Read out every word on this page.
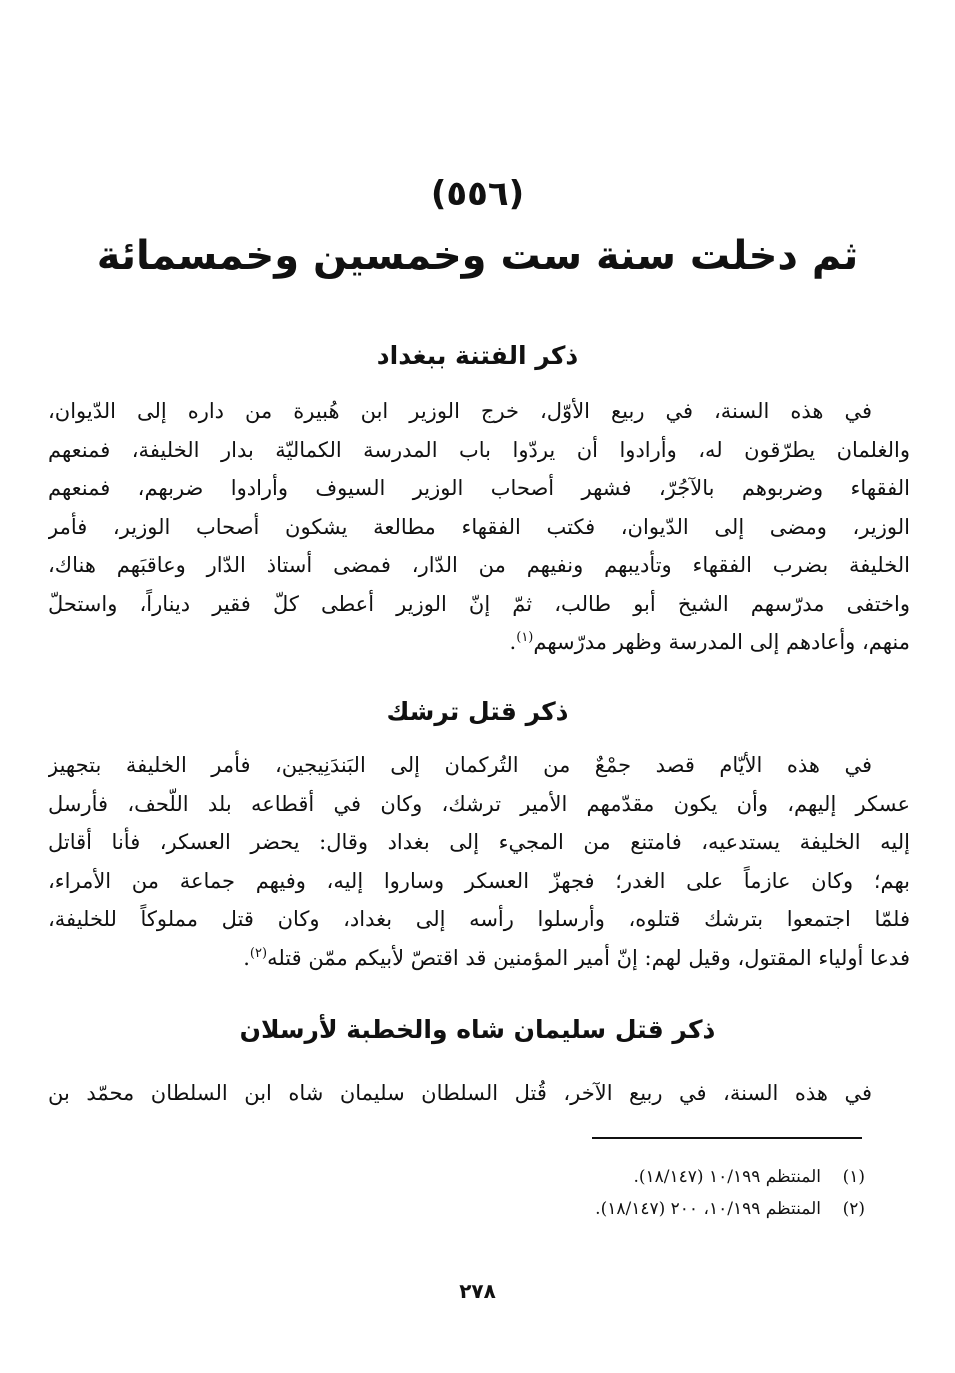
(٥٥٦)
ثم دخلت سنة ست وخمسين وخمسمائة
ذكر الفتنة ببغداد
في هذه السنة، في ربيع الأوّل، خرج الوزير ابن هُبيرة من داره إلى الدّيوان،
والغلمان يطرّقون له، وأرادوا أن يردّوا باب المدرسة الكماليّة بدار الخليفة، فمنعهم
الفقهاء وضربوهم بالآجُرّ، فشهر أصحاب الوزير السيوف وأرادوا ضربهم، فمنعهم
الوزير، ومضى إلى الدّيوان، فكتب الفقهاء مطالعة يشكون أصحاب الوزير، فأمر
الخليفة بضرب الفقهاء وتأديبهم ونفيهم من الدّار، فمضى أستاذ الدّار وعاقبَهم هناك،
واختفى مدرّسهم الشيخ أبو طالب، ثمّ إنّ الوزير أعطى كلّ فقير ديناراً، واستحلّ
منهم، وأعادهم إلى المدرسة وظهر مدرّسهم$^{(١)}$.
ذكر قتل ترشك
في هذه الأيّام قصد جمْعٌ من التُركمان إلى البَندَنِيجين، فأمر الخليفة بتجهيز
عسكر إليهم، وأن يكون مقدّمهم الأمير ترشك، وكان في أقطاعه بلد اللّحف، فأرسل
إليه الخليفة يستدعيه، فامتنع من المجيء إلى بغداد وقال: يحضر العسكر، فأنا أقاتل
بهم؛ وكان عازماً على الغدر؛ فجهزّ العسكر وساروا إليه، وفيهم جماعة من الأمراء،
فلمّا اجتمعوا بترشك قتلوه، وأرسلوا رأسه إلى بغداد، وكان قتل مملوكاً للخليفة،
فدعا أولياء المقتول، وقيل لهم: إنّ أمير المؤمنين قد اقتصّ لأبيكم ممّن قتله$^{(٢)}$.
ذكر قتل سليمان شاه والخطبة لأرسلان
في هذه السنة، في ربيع الآخر، قُتل السلطان سليمان شاه ابن السلطان محمّد بن
(١)المنتظم ١٠/١٩٩ (١٨/١٤٧).
(٢)المنتظم ١٠/١٩٩، ٢٠٠ (١٨/١٤٧).
٢٧٨
